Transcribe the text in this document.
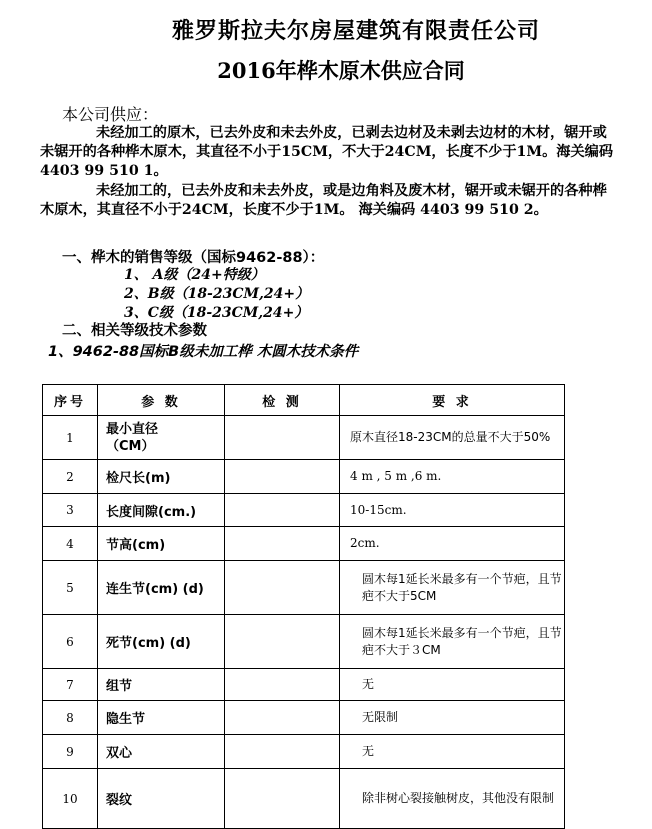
雅罗斯拉夫尔房屋建筑有限责任公司
2016年桦木原木供应合同
本公司供应：
未经加工的原木，已去外皮和未去外皮，已剥去边材及未剥去边材的木材，锯开或未锯开的各种桦木原木，其直径不小于15CM，不大于24CM，长度不少于1M。海关编码 4403 99 510 1。
未经加工的，已去外皮和未去外皮，或是边角料及废木材，锯开或未锯开的各种桦木原木，其直径不小于24CM，长度不少于1M。 海关编码 4403 99 510 2。
一、桦木的销售等级（国标9462-88）：
1、 A级（24+特级）
2、B级（18-23CM,24+）
3、C级（18-23CM,24+）
二、相关等级技术参数
1、9462-88国标B级未加工桦 木圆木技术条件
序号	参 数	检 测	要 求
1	最小直径
（CM）		原木直径18-23CM的总量不大于50%
2	检尺长(m)		4 m , 5 m ,6 m.
3	长度间隙(cm.)		10-15cm.
4	节高(cm)		2cm.
5	连生节(cm) (d)		圆木每1延长米最多有一个节疤，且节疤不大于5CM
6	死节(cm) (d)		圆木每1延长米最多有一个节疤，且节疤不大于３CM
7	组节		无
8	隐生节		无限制
9	双心		无
10	裂纹		除非树心裂接触树皮，其他没有限制
